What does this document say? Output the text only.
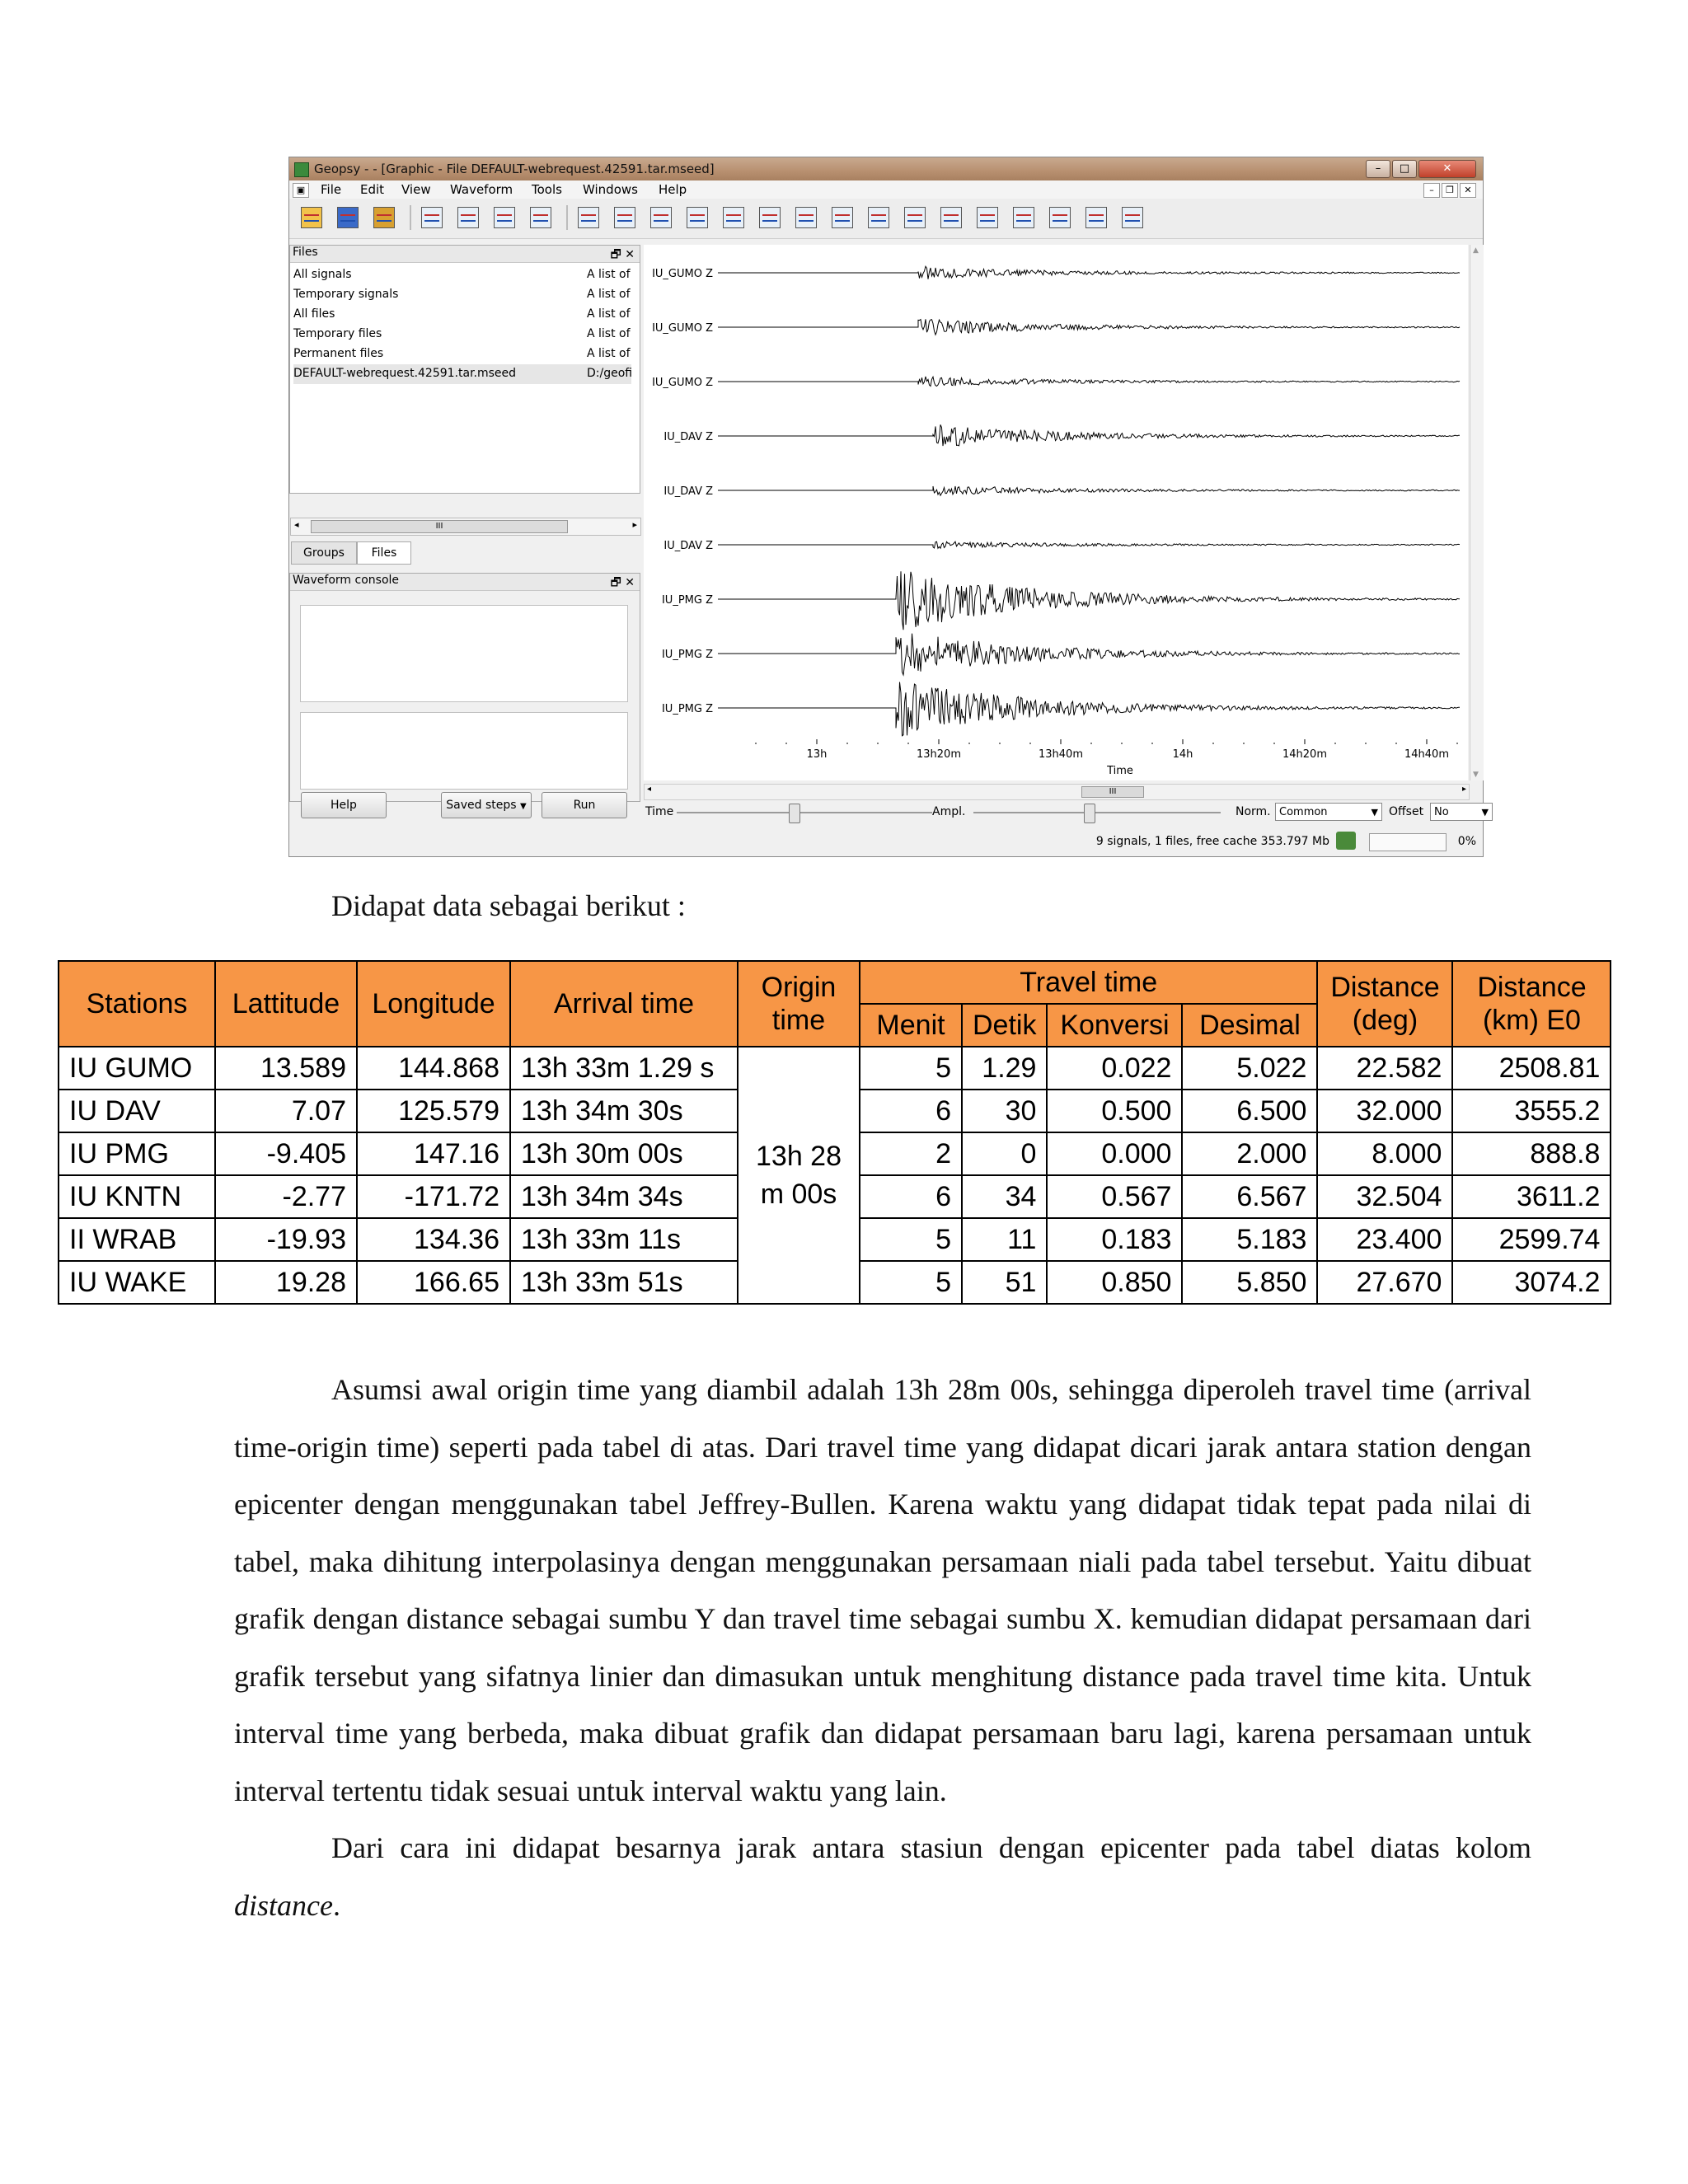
Geopsy - - [Graphic - File DEFAULT-webrequest.42591.tar.mseed]	–	□	✕
▣	File Edit View Waveform Tools Windows Help	–	❐	✕
Files	🗗 ✕
All signals	A list of
Temporary signals	A list of
All files	A list of
Temporary files	A list of
Permanent files	A list of
DEFAULT-webrequest.42591.tar.mseed	D:/geofi
◂	III	▸
Groups	Files
Waveform console	🗗 ✕
Help	Saved steps ▼	Run
IU_GUMO Z
IU_GUMO Z
IU_GUMO Z
IU_DAV Z
IU_DAV Z
IU_DAV Z
IU_PMG Z
IU_PMG Z
IU_PMG Z
13h	13h20m	13h40m	14h	14h20m	14h40m
Time
▲
▼
◂	III	▸
Time	Ampl.	Norm. Common	▼ Offset No	▼
9 signals, 1 files, free cache 353.797 Mb	0%
Didapat data sebagai berikut :
Stations	Lattitude	Longitude	Arrival time	Origin time	Travel time				Distance (deg)	Distance (km) E0
					Menit	Detik	Konversi	Desimal		
IU GUMO	13.589	144.868	13h 33m 1.29 s	13h 28 m 00s	5	1.29	0.022	5.022	22.582	2508.81
IU DAV	7.07	125.579	13h 34m 30s		6	30	0.500	6.500	32.000	3555.2
IU PMG	-9.405	147.16	13h 30m 00s		2	0	0.000	2.000	8.000	888.8
IU KNTN	-2.77	-171.72	13h 34m 34s		6	34	0.567	6.567	32.504	3611.2
II WRAB	-19.93	134.36	13h 33m 11s		5	11	0.183	5.183	23.400	2599.74
IU WAKE	19.28	166.65	13h 33m 51s		5	51	0.850	5.850	27.670	3074.2

Asumsi awal origin time yang diambil adalah 13h 28m 00s, sehingga diperoleh travel time (arrival time-origin time) seperti pada tabel di atas. Dari travel time yang didapat dicari jarak antara station dengan epicenter dengan menggunakan tabel Jeffrey-Bullen. Karena waktu yang didapat tidak tepat pada nilai di tabel, maka dihitung interpolasinya dengan menggunakan persamaan niali pada tabel tersebut. Yaitu dibuat grafik dengan distance sebagai sumbu Y dan travel time sebagai sumbu X. kemudian didapat persamaan dari grafik tersebut yang sifatnya linier dan dimasukan untuk menghitung distance pada travel time kita. Untuk interval time yang berbeda, maka dibuat grafik dan didapat persamaan baru lagi, karena persamaan untuk interval tertentu tidak sesuai untuk interval waktu yang lain.

Dari cara ini didapat besarnya jarak antara stasiun dengan epicenter pada tabel diatas kolom distance.
